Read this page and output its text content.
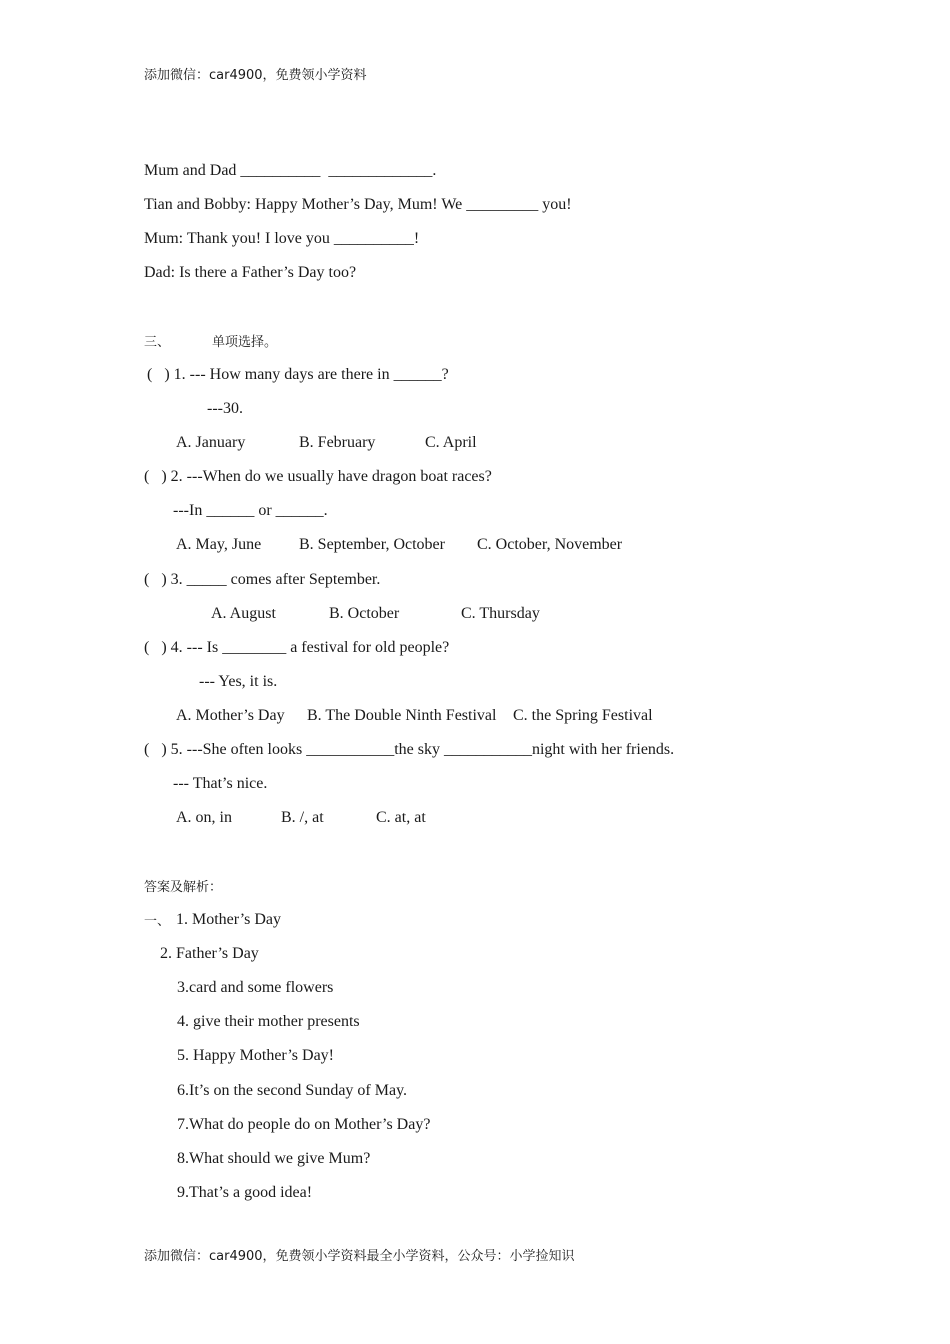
添加微信：car4900，免费领小学资料
Mum and Dad __________  _____________.
Tian and Bobby: Happy Mother’s Day, Mum! We _________ you!
Mum: Thank you! I love you __________!
Dad: Is there a Father’s Day too?
三、	单项选择。
(   ) 1. --- How many days are there in ______?
---30.
A. January	B. February	C. April
(   ) 2. ---When do we usually have dragon boat races?
---In ______ or ______.
A. May, June B. September, October C. October, November
(   ) 3. _____ comes after September.
A. August	B. October	C. Thursday
(   ) 4. --- Is ________ a festival for old people?
--- Yes, it is.
A. Mother’s Day B. The Double Ninth Festival C. the Spring Festival
(   ) 5. ---She often looks ___________the sky ___________night with her friends.
--- That’s nice.
A. on, in	B. /, at	C. at, at
答案及解析：
一、 1. Mother’s Day
2. Father’s Day
3.card and some flowers
4. give their mother presents
5. Happy Mother’s Day!
6.It’s on the second Sunday of May.
7.What do people do on Mother’s Day?
8.What should we give Mum?
9.That’s a good idea!
添加微信：car4900，免费领小学资料最全小学资料，公众号：小学捡知识
